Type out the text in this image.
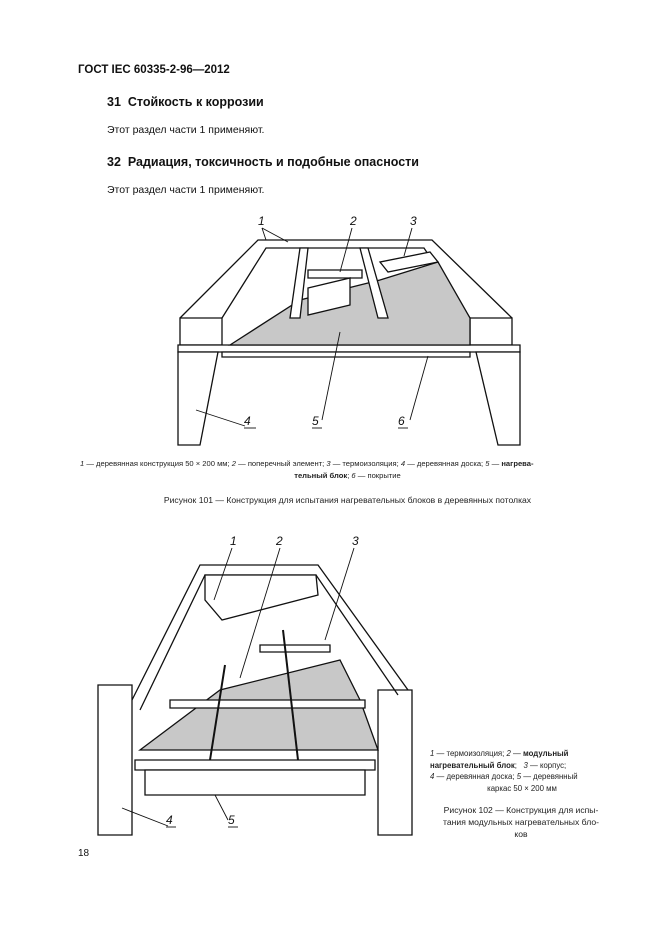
ГОСТ IEC 60335-2-96—2012
31 Стойкость к коррозии
Этот раздел части 1 применяют.
32 Радиация, токсичность и подобные опасности
Этот раздел части 1 применяют.
1	2	3
4	5	6
1	2	3
4	5
1 — деревянная конструкция 50 × 200 мм; 2 — поперечный элемент; 3 — термоизоляция; 4 — деревянная доска; 5 — нагрева-
тельный блок; 6 — покрытие
Рисунок 101 — Конструкция для испытания нагревательных блоков в деревянных потолках
1 — термоизоляция; 2 — модульный
нагревательный блок; 3 — корпус;
4 — деревянная доска; 5 — деревянный
каркас 50 × 200 мм
Рисунок 102 — Конструкция для испы-
тания модульных нагревательных бло-
ков
18
